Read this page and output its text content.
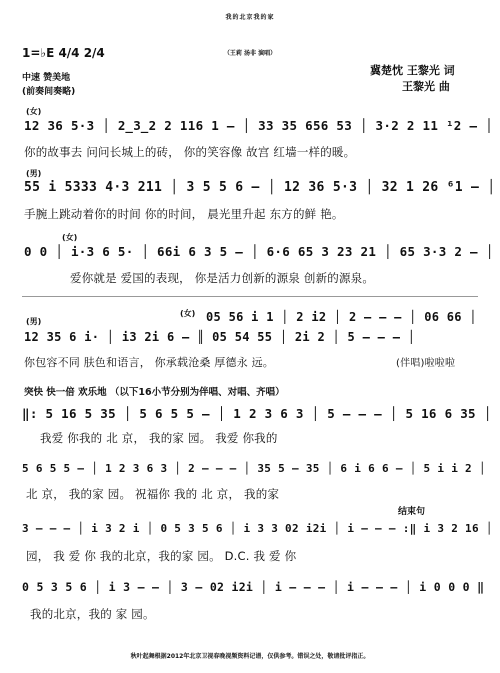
我的北京我的家
（王莉 汤非 演唱）
1=♭E 4/4 2/4
中速 赞美地
(前奏间奏略)
冀楚忱 王黎光 词
王黎光 曲
(女)
12 36 5·3 │ 2̲3̲2 2 116 1 – │ 33 35 656 53 │ 3·2 2 11 ¹2 – │
你的故事去 问问长城上的砖， 你的笑容像 故宫 红墙一样的暖。
(男)
55 i 5333 4·3 211 │ 3 5 5 6 – │ 12 36 5·3 │ 32 1 26 ⁶1 – │
手腕上跳动着你的时间 你的时间， 晨光里升起 东方的鲜 艳。
(女)
0 0 │ i·3 6 5· │ 66i 6 3 5 – │ 6·6 65 3 23 21 │ 65 3·3 2 – │
爱你就是 爱国的表现， 你是活力创新的源泉 创新的源泉。
(男)
(女)
12 35 6 i· │ i3 2i 6 – ║ 05 54 55 │ 2i 2 │ 5 – – – │
05 56 i 1 │ 2 i2 │ 2 – – – │ 06 66 │
你包容不同 肤色和语言， 你承载沧桑 厚德永 远。	(伴唱)啦啦啦
突快 快一倍 欢乐地 （以下16小节分别为伴唱、对唱、齐唱）
‖: 5 16 5 35 │ 5 6 5 5 – │ 1 2 3 6 3 │ 5 – – – │ 5 16 6 35 │
我爱 你我的 北 京， 我的家 园。 我爱 你我的
5 6 5 5 – │ 1 2 3 6 3 │ 2 – – – │ 35 5 – 35 │ 6 i 6 6 – │ 5 i i 2 │
北 京， 我的家 园。 祝福你 我的 北 京， 我的家
结束句
3 – – – │ i 3 2 i │ 0 5 3 5 6 │ i 3 3 02 i2i │ i – – – :‖ i 3 2 16 │
园， 我 爱 你 我的北京，我的家 园。 D.C. 我 爱 你
0 5 3 5 6 │ i 3 – – │ 3 – 02 i2i │ i – – – │ i – – – │ i 0 0 0 ‖
我的北京，我的 家 园。
秋叶起舞根据2012年北京卫视春晚视频资料记谱，仅供参考。错误之处，敬请批评指正。
